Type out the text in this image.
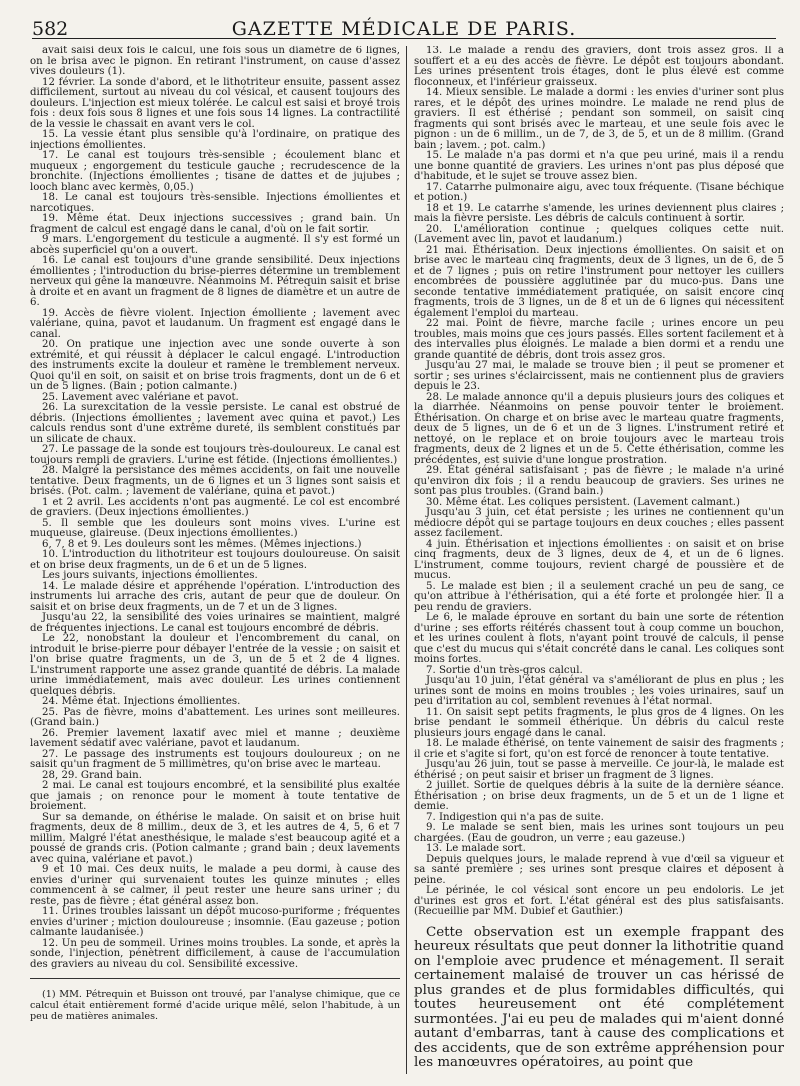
582	GAZETTE MÉDICALE DE PARIS.

avait saisi deux fois le calcul, une fois sous un diamètre de 6 lignes, on le brisa avec le pignon. En retirant l'instrument, on cause d'assez vives douleurs (1).

12 février. La sonde d'abord, et le lithotriteur ensuite, passent assez difficilement, surtout au niveau du col vésical, et causent toujours des douleurs. L'injection est mieux tolérée. Le calcul est saisi et broyé trois fois : deux fois sous 8 lignes et une fois sous 14 lignes. La contractilité de la vessie le chassait en avant vers le col.

15. La vessie étant plus sensible qu'à l'ordinaire, on pratique des injections émollientes.

17. Le canal est toujours très-sensible ; écoulement blanc et muqueux ; engorgement du testicule gauche ; recrudescence de la bronchite. (Injections émollientes ; tisane de dattes et de jujubes ; looch blanc avec kermès, 0,05.)

18. Le canal est toujours très-sensible. Injections émollientes et narcotiques.

19. Même état. Deux injections successives ; grand bain. Un fragment de calcul est engagé dans le canal, d'où on le fait sortir.

9 mars. L'engorgement du testicule a augmenté. Il s'y est formé un abcès superficiel qu'on a ouvert.

16. Le canal est toujours d'une grande sensibilité. Deux injections émollientes ; l'introduction du brise-pierres détermine un tremblement nerveux qui gêne la manœuvre. Néanmoins M. Pétrequin saisit et brise à droite et en avant un fragment de 8 lignes de diamètre et un autre de 6.

19. Accès de fièvre violent. Injection émolliente ; lavement avec valériane, quina, pavot et laudanum. Un fragment est engagé dans le canal.

20. On pratique une injection avec une sonde ouverte à son extrémité, et qui réussit à déplacer le calcul engagé. L'introduction des instruments excite la douleur et ramène le tremblement nerveux. Quoi qu'il en soit, on saisit et on brise trois fragments, dont un de 6 et un de 5 lignes. (Bain ; potion calmante.)

25. Lavement avec valériane et pavot.

26. La surexcitation de la vessie persiste. Le canal est obstrué de débris. (Injections émollientes ; lavement avec quina et pavot.) Les calculs rendus sont d'une extrême dureté, ils semblent constitués par un silicate de chaux.

27. Le passage de la sonde est toujours très-douloureux. Le canal est toujours rempli de graviers. L'urine est fétide. (Injections émollientes.)

28. Malgré la persistance des mêmes accidents, on fait une nouvelle tentative. Deux fragments, un de 6 lignes et un 3 lignes sont saisis et brisés. (Pot. calm. ; lavement de valériane, quina et pavot.)

1 et 2 avril. Les accidents n'ont pas augmenté. Le col est encombré de graviers. (Deux injections émollientes.)

5. Il semble que les douleurs sont moins vives. L'urine est muqueuse, glaireuse. (Deux injections émollientes.)

6, 7, 8 et 9. Les douleurs sont les mêmes. (Mêmes injections.)

10. L'introduction du lithotriteur est toujours douloureuse. On saisit et on brise deux fragments, un de 6 et un de 5 lignes.

Les jours suivants, injections émollientes.

14. Le malade désire et appréhende l'opération. L'introduction des instruments lui arrache des cris, autant de peur que de douleur. On saisit et on brise deux fragments, un de 7 et un de 3 lignes.

Jusqu'au 22, la sensibilité des voies urinaires se maintient, malgré de fréquentes injections. Le canal est toujours encombré de débris.

Le 22, nonobstant la douleur et l'encombrement du canal, on introduit le brise-pierre pour débayer l'entrée de la vessie ; on saisit et l'on brise quatre fragments, un de 3, un de 5 et 2 de 4 lignes. L'instrument rapporte une assez grande quantité de débris. La malade urine immédiatement, mais avec douleur. Les urines contiennent quelques débris.

24. Même état. Injections émollientes.

25. Pas de fièvre, moins d'abattement. Les urines sont meilleures. (Grand bain.)

26. Premier lavement laxatif avec miel et manne ; deuxième lavement sédatif avec valériane, pavot et laudanum.

27. Le passage des instruments est toujours douloureux ; on ne saisit qu'un fragment de 5 millimètres, qu'on brise avec le marteau.

28, 29. Grand bain.

2 mai. Le canal est toujours encombré, et la sensibilité plus exaltée que jamais ; on renonce pour le moment à toute tentative de broiement.

Sur sa demande, on éthérise le malade. On saisit et on brise huit fragments, deux de 8 millim., deux de 3, et les autres de 4, 5, 6 et 7 millim. Malgré l'état anesthésique, le malade s'est beaucoup agité et a poussé de grands cris. (Potion calmante ; grand bain ; deux lavements avec quina, valériane et pavot.)

9 et 10 mai. Ces deux nuits, le malade a peu dormi, à cause des envies d'uriner qui survenaient toutes les quinze minutes ; elles commencent à se calmer, il peut rester une heure sans uriner ; du reste, pas de fièvre ; état général assez bon.

11. Urines troubles laissant un dépôt mucoso-puriforme ; fréquentes envies d'uriner ; miction douloureuse ; insomnie. (Eau gazeuse ; potion calmante laudanisée.)

12. Un peu de sommeil. Urines moins troubles. La sonde, et après la sonde, l'injection, pénètrent difficilement, à cause de l'accumulation des graviers au niveau du col. Sensibilité excessive.

(1) MM. Pétrequin et Buisson ont trouvé, par l'analyse chimique, que ce calcul était entièrement formé d'acide urique mêlé, selon l'habitude, à un peu de matières animales.

13. Le malade a rendu des graviers, dont trois assez gros. Il a souffert et a eu des accès de fièvre. Le dépôt est toujours abondant. Les urines présentent trois étages, dont le plus élevé est comme floconneux, et l'inférieur graisseux.

14. Mieux sensible. Le malade a dormi : les envies d'uriner sont plus rares, et le dépôt des urines moindre. Le malade ne rend plus de graviers. Il est éthérisé ; pendant son sommeil, on saisit cinq fragments qui sont brisés avec le marteau, et une seule fois avec le pignon : un de 6 millim., un de 7, de 3, de 5, et un de 8 millim. (Grand bain ; lavem. ; pot. calm.)

15. Le malade n'a pas dormi et n'a que peu uriné, mais il a rendu une bonne quantité de graviers. Les urines n'ont pas plus déposé que d'habitude, et le sujet se trouve assez bien.

17. Catarrhe pulmonaire aigu, avec toux fréquente. (Tisane béchique et potion.)

18 et 19. Le catarrhe s'amende, les urines deviennent plus claires ; mais la fièvre persiste. Les débris de calculs continuent à sortir.

20. L'amélioration continue ; quelques coliques cette nuit. (Lavement avec lin, pavot et laudanum.)

21 mai. Éthérisation. Deux injections émollientes. On saisit et on brise avec le marteau cinq fragments, deux de 3 lignes, un de 6, de 5 et de 7 lignes ; puis on retire l'instrument pour nettoyer les cuillers encombrées de poussière agglutinée par du muco-pus. Dans une seconde tentative immédiatement pratiquée, on saisit encore cinq fragments, trois de 3 lignes, un de 8 et un de 6 lignes qui nécessitent également l'emploi du marteau.

22 mai. Point de fièvre, marche facile ; urines encore un peu troubles, mais moins que ces jours passés. Elles sortent facilement et à des intervalles plus éloignés. Le malade a bien dormi et a rendu une grande quantité de débris, dont trois assez gros.

Jusqu'au 27 mai, le malade se trouve bien ; il peut se promener et sortir ; ses urines s'éclaircissent, mais ne contiennent plus de graviers depuis le 23.

28. Le malade annonce qu'il a depuis plusieurs jours des coliques et la diarrhée. Néanmoins on pense pouvoir tenter le broiement. Éthérisation. On charge et on brise avec le marteau quatre fragments, deux de 5 lignes, un de 6 et un de 3 lignes. L'instrument retiré et nettoyé, on le replace et on broie toujours avec le marteau trois fragments, deux de 2 lignes et un de 5. Cette éthérisation, comme les précédentes, est suivie d'une longue prostration.

29. État général satisfaisant ; pas de fièvre ; le malade n'a uriné qu'environ dix fois ; il a rendu beaucoup de graviers. Ses urines ne sont pas plus troubles. (Grand bain.)

30. Même état. Les coliques persistent. (Lavement calmant.)

Jusqu'au 3 juin, cet état persiste ; les urines ne contiennent qu'un médiocre dépôt qui se partage toujours en deux couches ; elles passent assez facilement.

4 juin. Éthérisation et injections émollientes : on saisit et on brise cinq fragments, deux de 3 lignes, deux de 4, et un de 6 lignes. L'instrument, comme toujours, revient chargé de poussière et de mucus.

5. Le malade est bien ; il a seulement craché un peu de sang, ce qu'on attribue à l'éthérisation, qui a été forte et prolongée hier. Il a peu rendu de graviers.

Le 6, le malade éprouve en sortant du bain une sorte de rétention d'urine ; ses efforts réitérés chassent tout à coup comme un bouchon, et les urines coulent à flots, n'ayant point trouvé de calculs, il pense que c'est du mucus qui s'était concrété dans le canal. Les coliques sont moins fortes.

7. Sortie d'un très-gros calcul.

Jusqu'au 10 juin, l'état général va s'améliorant de plus en plus ; les urines sont de moins en moins troubles ; les voies urinaires, sauf un peu d'irritation au col, semblent revenues à l'état normal.

11. On saisit sept petits fragments, le plus gros de 4 lignes. On les brise pendant le sommeil éthérique. Un débris du calcul reste plusieurs jours engagé dans le canal.

18. Le malade éthérisé, on tente vainement de saisir des fragments ; il crie et s'agite si fort, qu'on est forcé de renoncer à toute tentative.

Jusqu'au 26 juin, tout se passe à merveille. Ce jour-là, le malade est éthérisé ; on peut saisir et briser un fragment de 3 lignes.

2 juillet. Sortie de quelques débris à la suite de la dernière séance. Éthérisation ; on brise deux fragments, un de 5 et un de 1 ligne et demie.

7. Indigestion qui n'a pas de suite.

9. Le malade se sent bien, mais les urines sont toujours un peu chargées. (Eau de goudron, un verre ; eau gazeuse.)

13. Le malade sort.

Depuis quelques jours, le malade reprend à vue d'œil sa vigueur et sa santé première ; ses urines sont presque claires et déposent à peine.

Le périnée, le col vésical sont encore un peu endoloris. Le jet d'urines est gros et fort. L'état général est des plus satisfaisants. (Recueillie par MM. Dubief et Gauthier.)

Cette observation est un exemple frappant des heureux résultats que peut donner la lithotritie quand on l'emploie avec prudence et ménagement. Il serait certainement malaisé de trouver un cas hérissé de plus grandes et de plus formidables difficultés, qui toutes heureusement ont été complétement surmontées. J'ai eu peu de malades qui m'aient donné autant d'embarras, tant à cause des complications et des accidents, que de son extrême appréhension pour les manœuvres opératoires, au point que
